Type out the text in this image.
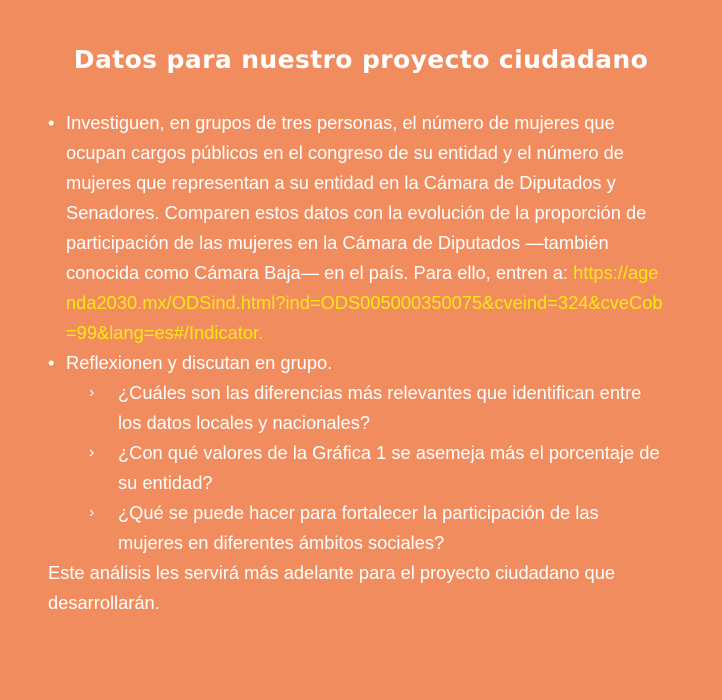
Datos para nuestro proyecto ciudadano
• Investiguen, en grupos de tres personas, el número de mujeres que ocupan cargos públicos en el congreso de su entidad y el número de mujeres que representan a su entidad en la Cámara de Diputados y Senadores. Comparen estos datos con la evolución de la proporción de participación de las mujeres en la Cámara de Diputados —también conocida como Cámara Baja— en el país. Para ello, entren a: https://agenda2030.mx/ODSind.html?ind=ODS005000350075&cveind=324&cveCob=99&lang=es#/Indicator.
• Reflexionen y discutan en grupo.
› ¿Cuáles son las diferencias más relevantes que identifican entre los datos locales y nacionales?
› ¿Con qué valores de la Gráfica 1 se asemeja más el porcentaje de su entidad?
› ¿Qué se puede hacer para fortalecer la participación de las mujeres en diferentes ámbitos sociales?
Este análisis les servirá más adelante para el proyecto ciudadano que desarrollarán.
